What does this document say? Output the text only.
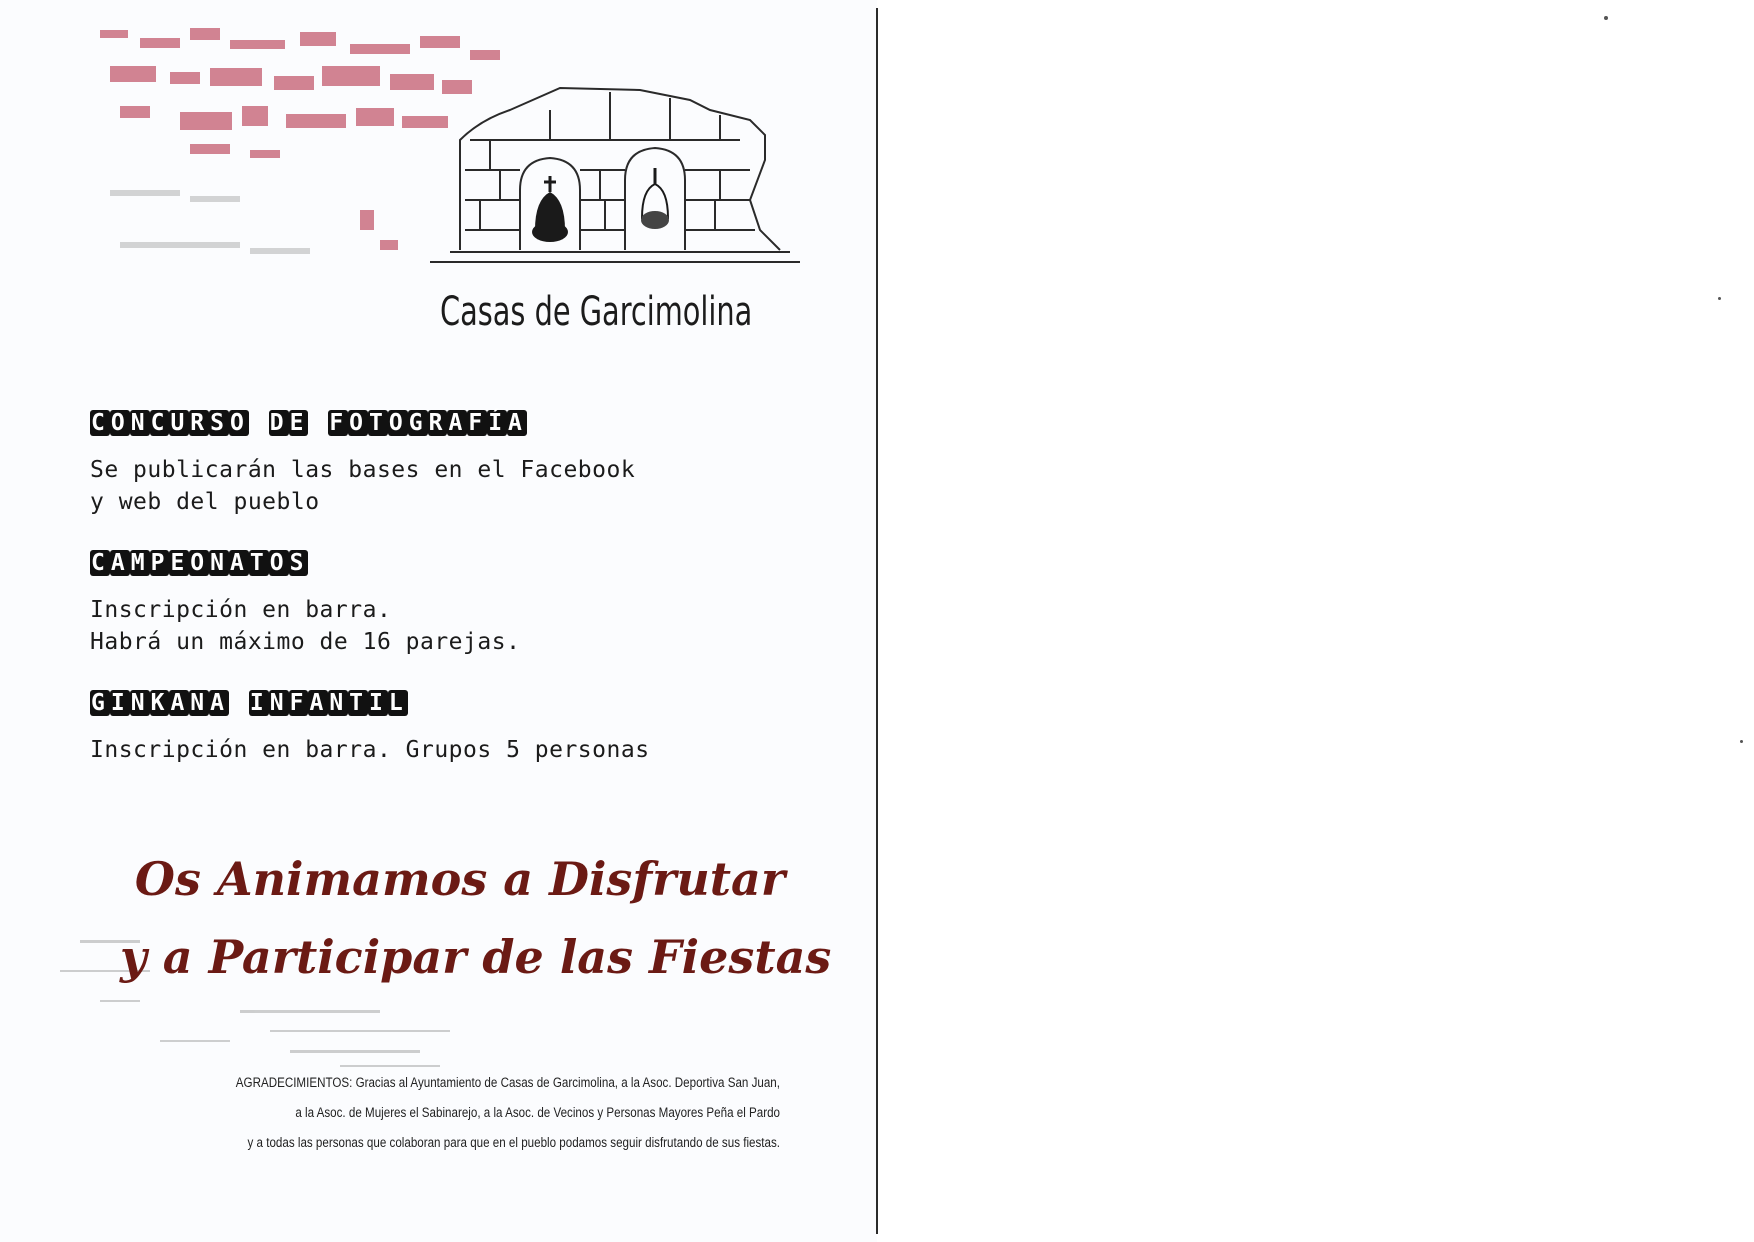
Casas de Garcimolina
CONCURSO DE FOTOGRAFÍA
Se publicarán las bases en el Facebook
y web del pueblo
CAMPEONATOS
Inscripción en barra.
Habrá un máximo de 16 parejas.
GINKANA INFANTIL
Inscripción en barra. Grupos 5 personas
Os Animamos a Disfrutar
y a Participar de las Fiestas
AGRADECIMIENTOS: Gracias al Ayuntamiento de Casas de Garcimolina, a la Asoc. Deportiva San Juan,
a la Asoc. de Mujeres el Sabinarejo, a la Asoc. de Vecinos y Personas Mayores Peña el Pardo
y a todas las personas que colaboran para que en el pueblo podamos seguir disfrutando de sus fiestas.
